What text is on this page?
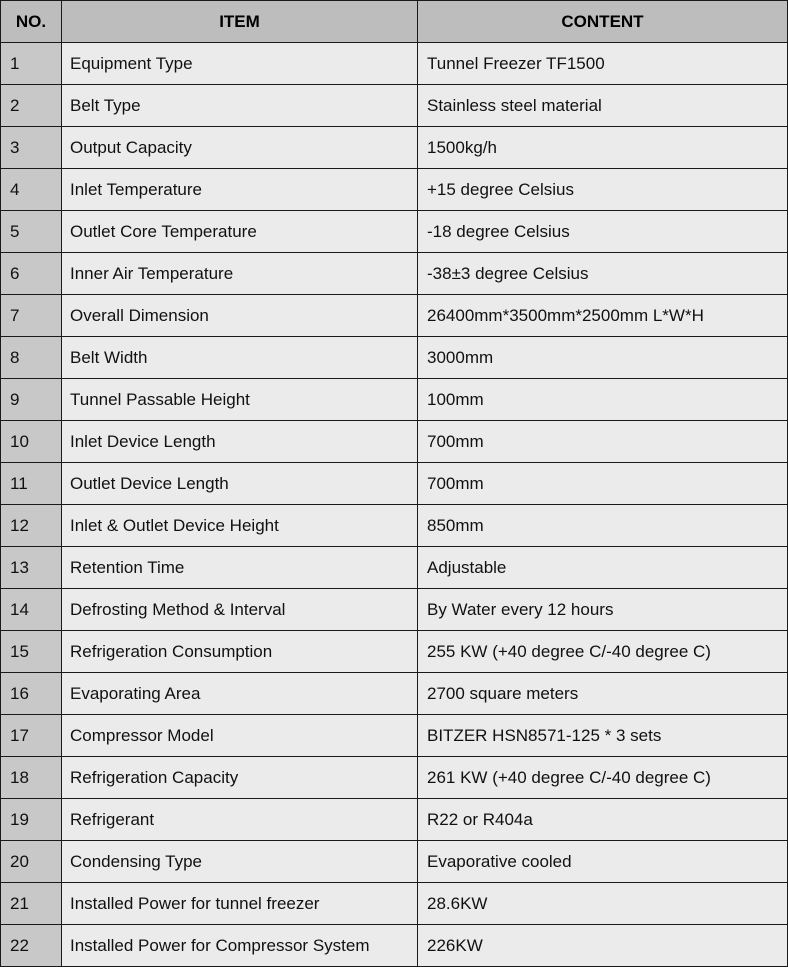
NO.	ITEM	CONTENT
1	Equipment Type	Tunnel Freezer TF1500
2	Belt Type	Stainless steel material
3	Output Capacity	1500kg/h
4	Inlet Temperature	+15 degree Celsius
5	Outlet Core Temperature	-18 degree Celsius
6	Inner Air Temperature	-38±3 degree Celsius
7	Overall Dimension	26400mm*3500mm*2500mm L*W*H
8	Belt Width	3000mm
9	Tunnel Passable Height	100mm
10	Inlet Device Length	700mm
11	Outlet Device Length	700mm
12	Inlet & Outlet Device Height	850mm
13	Retention Time	Adjustable
14	Defrosting Method & Interval	By Water every 12 hours
15	Refrigeration Consumption	255 KW (+40 degree C/-40 degree C)
16	Evaporating Area	2700 square meters
17	Compressor Model	BITZER HSN8571-125 * 3 sets
18	Refrigeration Capacity	261 KW (+40 degree C/-40 degree C)
19	Refrigerant	R22 or R404a
20	Condensing Type	Evaporative cooled
21	Installed Power for tunnel freezer	28.6KW
22	Installed Power for Compressor System	226KW
